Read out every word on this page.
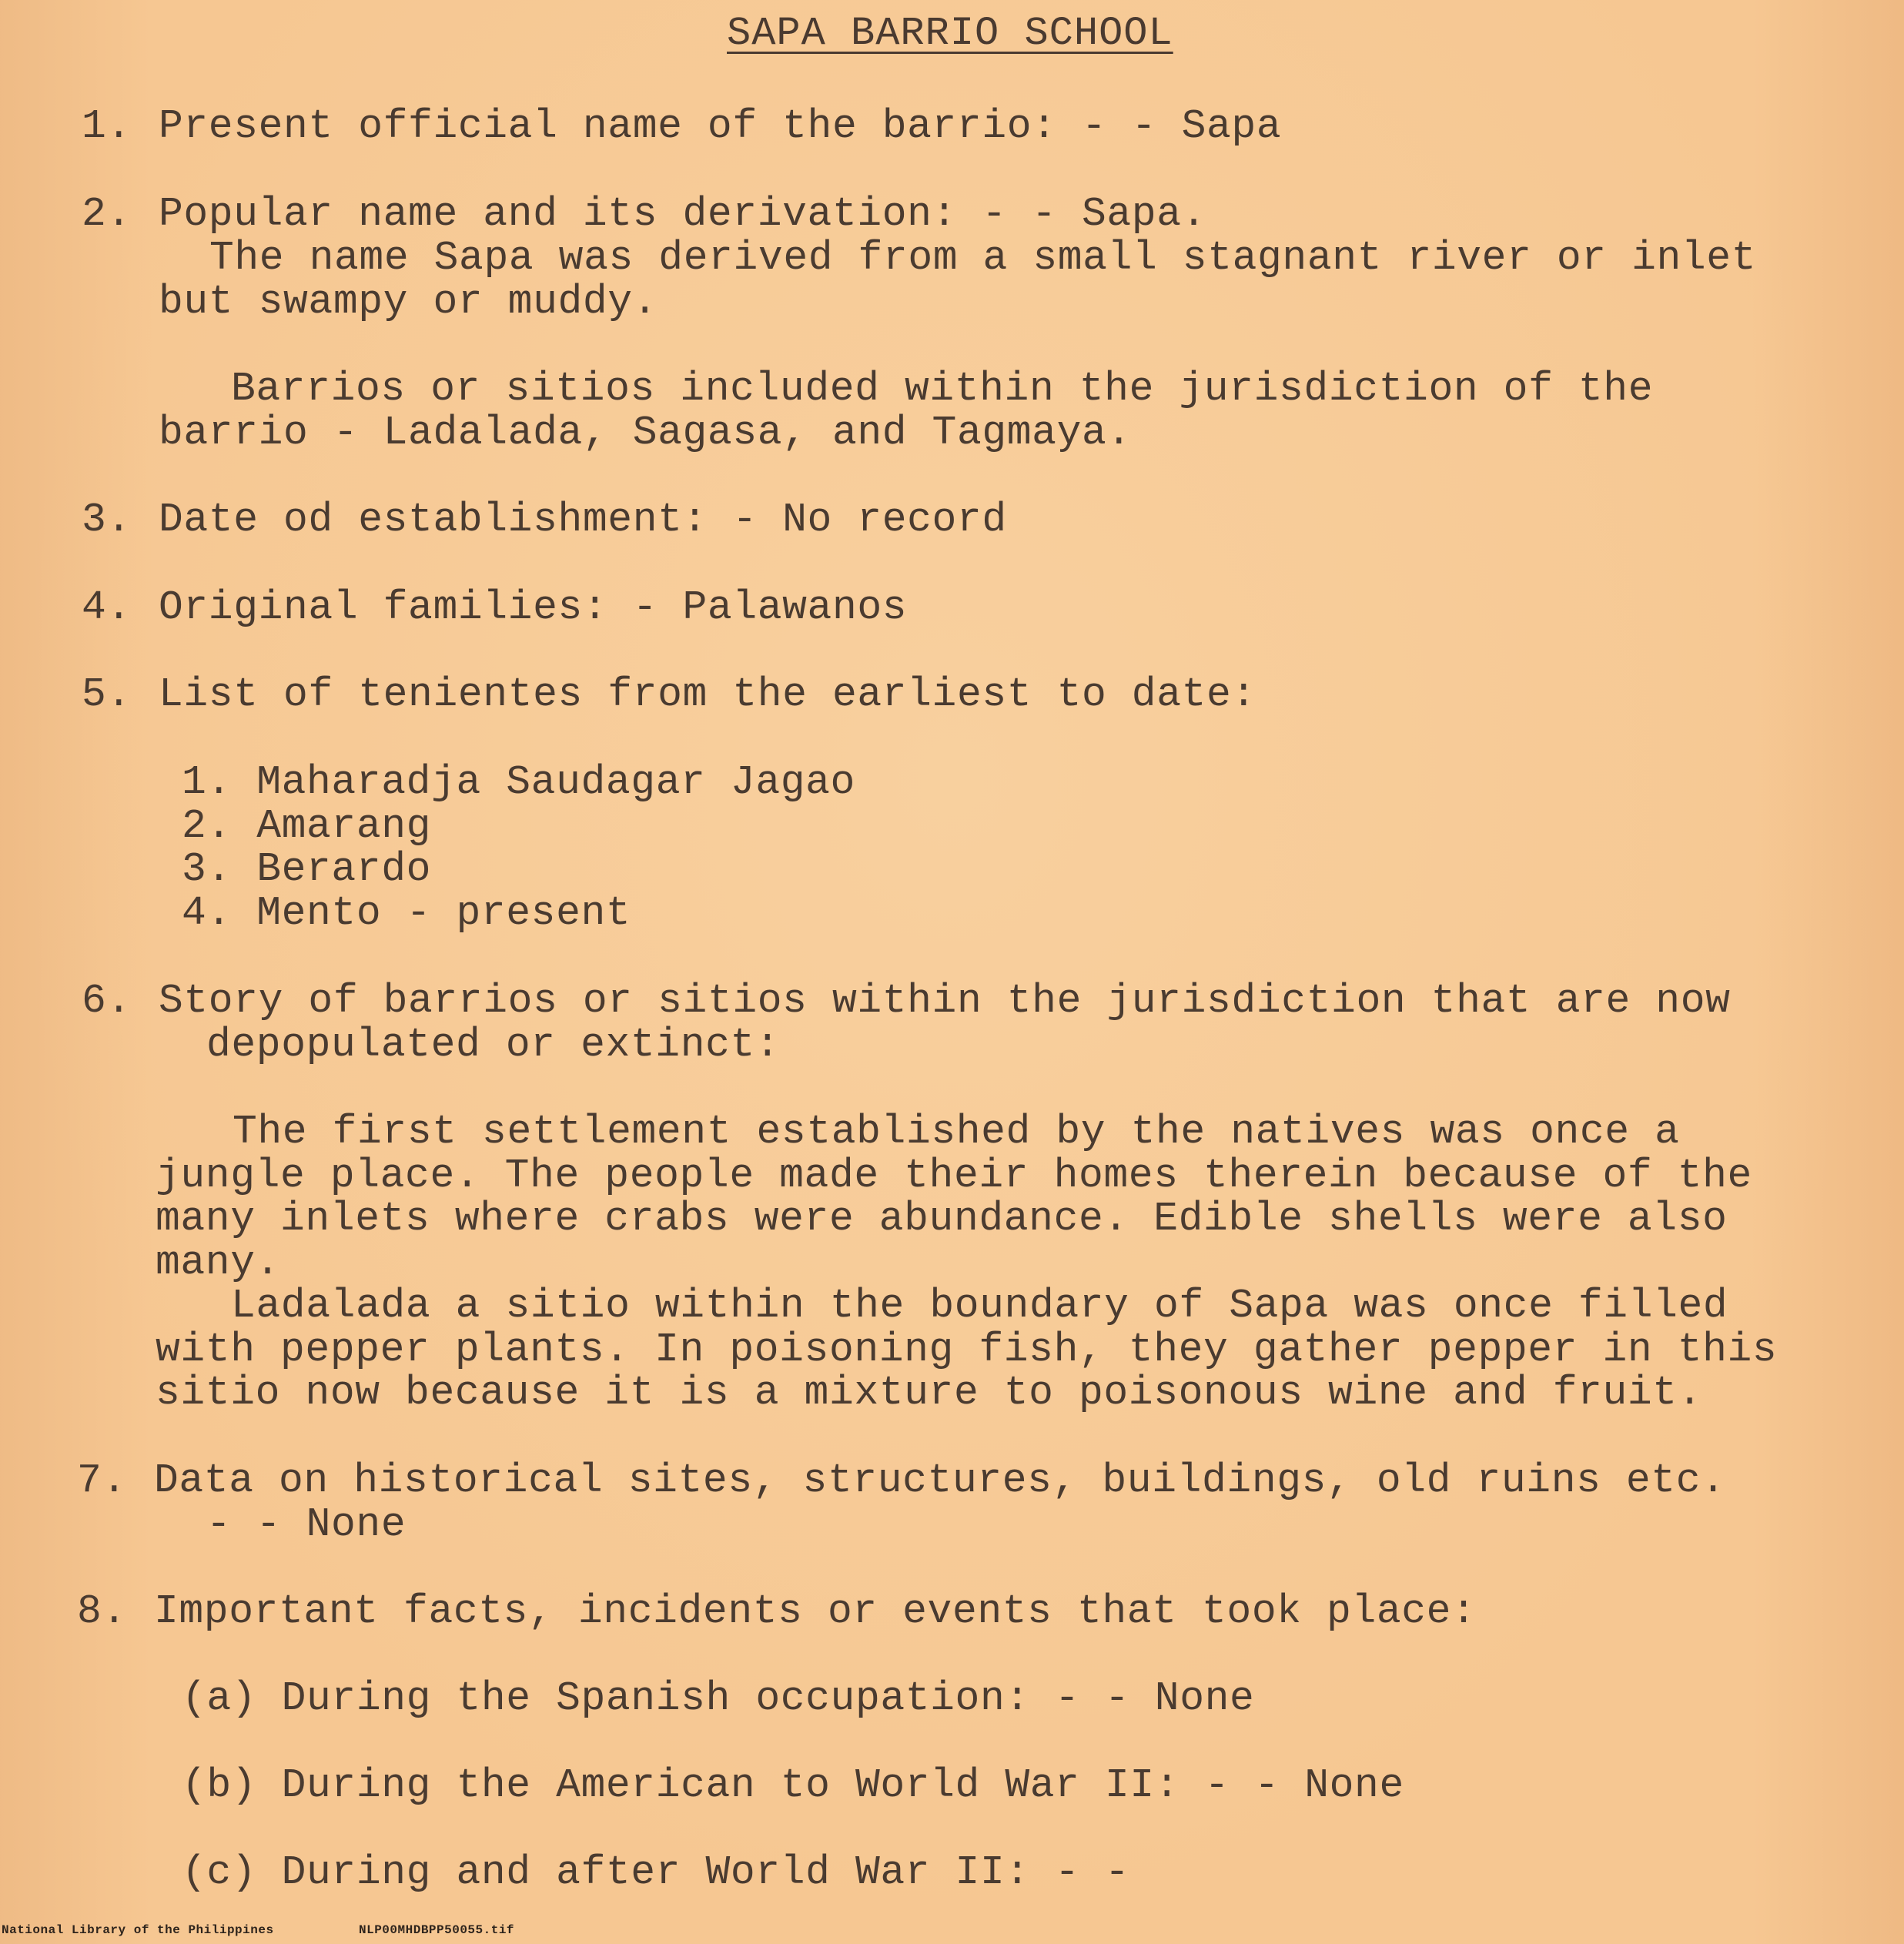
SAPA BARRIO SCHOOL
1. Present official name of the barrio: - - Sapa
2. Popular name and its derivation: - - Sapa.
The name Sapa was derived from a small stagnant river or inlet
but swampy or muddy.
Barrios or sitios included within the jurisdiction of the
barrio - Ladalada, Sagasa, and Tagmaya.
3. Date od establishment: - No record
4. Original families: - Palawanos
5. List of tenientes from the earliest to date:
1. Maharadja Saudagar Jagao
2. Amarang
3. Berardo
4. Mento - present
6. Story of barrios or sitios within the jurisdiction that are now
depopulated or extinct:
The first settlement established by the natives was once a
jungle place. The people made their homes therein because of the
many inlets where crabs were abundance. Edible shells were also
many.
Ladalada a sitio within the boundary of Sapa was once filled
with pepper plants. In poisoning fish, they gather pepper in this
sitio now because it is a mixture to poisonous wine and fruit.
7. Data on historical sites, structures, buildings, old ruins etc.
- - None
8. Important facts, incidents or events that took place:
(a) During the Spanish occupation: - - None
(b) During the American to World War II: - - None
(c) During and after World War II: - -
National Library of the Philippines	NLP00MHDBPP50055.tif
